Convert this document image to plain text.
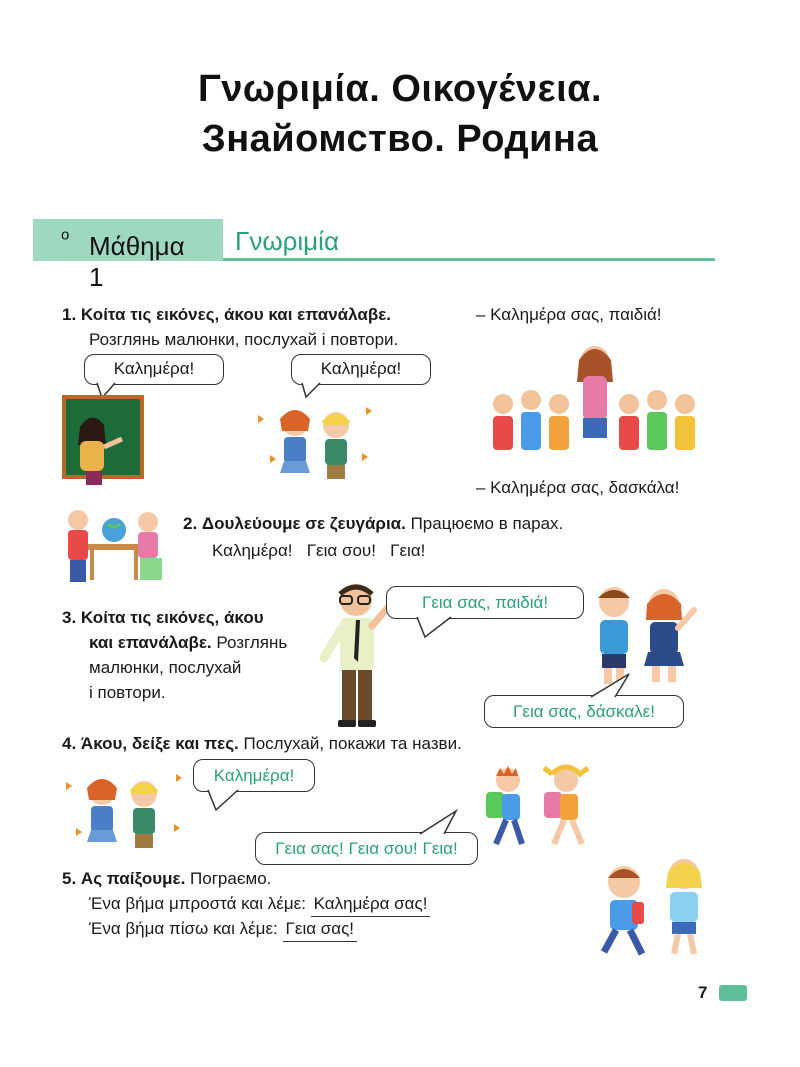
Γνωριμία. Οικογένεια.
Знайомство. Родина
Μάθημα 1
$^o$	Γνωριμία
1. Κοίτα τις εικόνες, άκου και επανάλαβε.
Розглянь малюнки, послухай і повтори.
– Καλημέρα σας, παιδιά!
– Καλημέρα σας, δασκάλα!
Καλημέρα!	Καλημέρα!
2. Δουλεύουμε σε ζευγάρια. Працюємо в парах.
Καλημέρα! Γεια σου! Γεια!
3. Κοίτα τις εικόνες, άκου
και επανάλαβε. Розглянь
малюнки, послухай
і повтори.
Γεια σας, παιδιά!
Γεια σας, δάσκαλε!
4. Άκου, δείξε και πες. Послухай, покажи та назви.
Καλημέρα!
Γεια σας! Γεια σου! Γεια!
5. Ας παίξουμε. Пограємо.
Ένα βήμα μπροστά και λέμε: Καλημέρα σας!
Ένα βήμα πίσω και λέμε: Γεια σας!
7
